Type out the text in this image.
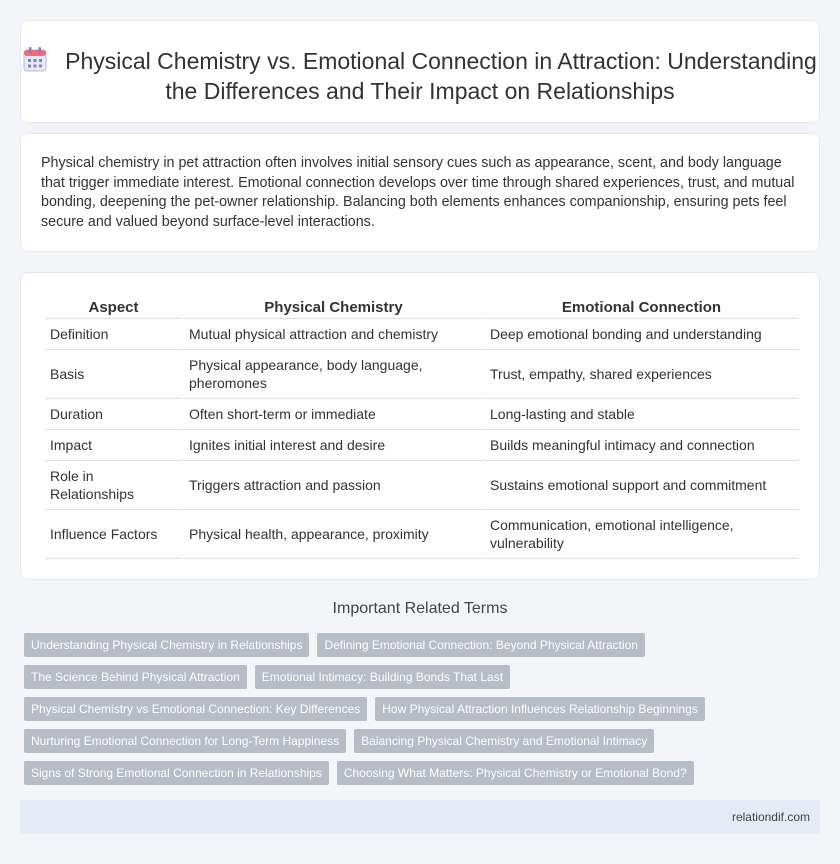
Physical Chemistry vs. Emotional Connection in Attraction: Understanding the Differences and Their Impact on Relationships

Physical chemistry in pet attraction often involves initial sensory cues such as appearance, scent, and body language that trigger immediate interest. Emotional connection develops over time through shared experiences, trust, and mutual bonding, deepening the pet-owner relationship. Balancing both elements enhances companionship, ensuring pets feel secure and valued beyond surface-level interactions.

Aspect	Physical Chemistry	Emotional Connection
Definition	Mutual physical attraction and chemistry	Deep emotional bonding and understanding
Basis	Physical appearance, body language, pheromones	Trust, empathy, shared experiences
Duration	Often short-term or immediate	Long-lasting and stable
Impact	Ignites initial interest and desire	Builds meaningful intimacy and connection
Role in Relationships	Triggers attraction and passion	Sustains emotional support and commitment
Influence Factors	Physical health, appearance, proximity	Communication, emotional intelligence, vulnerability
Important Related Terms
Understanding Physical Chemistry in Relationships	Defining Emotional Connection: Beyond Physical Attraction
The Science Behind Physical Attraction	Emotional Intimacy: Building Bonds That Last
Physical Chemistry vs Emotional Connection: Key Differences	How Physical Attraction Influences Relationship Beginnings
Nurturing Emotional Connection for Long-Term Happiness	Balancing Physical Chemistry and Emotional Intimacy
Signs of Strong Emotional Connection in Relationships	Choosing What Matters: Physical Chemistry or Emotional Bond?
relationdif.com
